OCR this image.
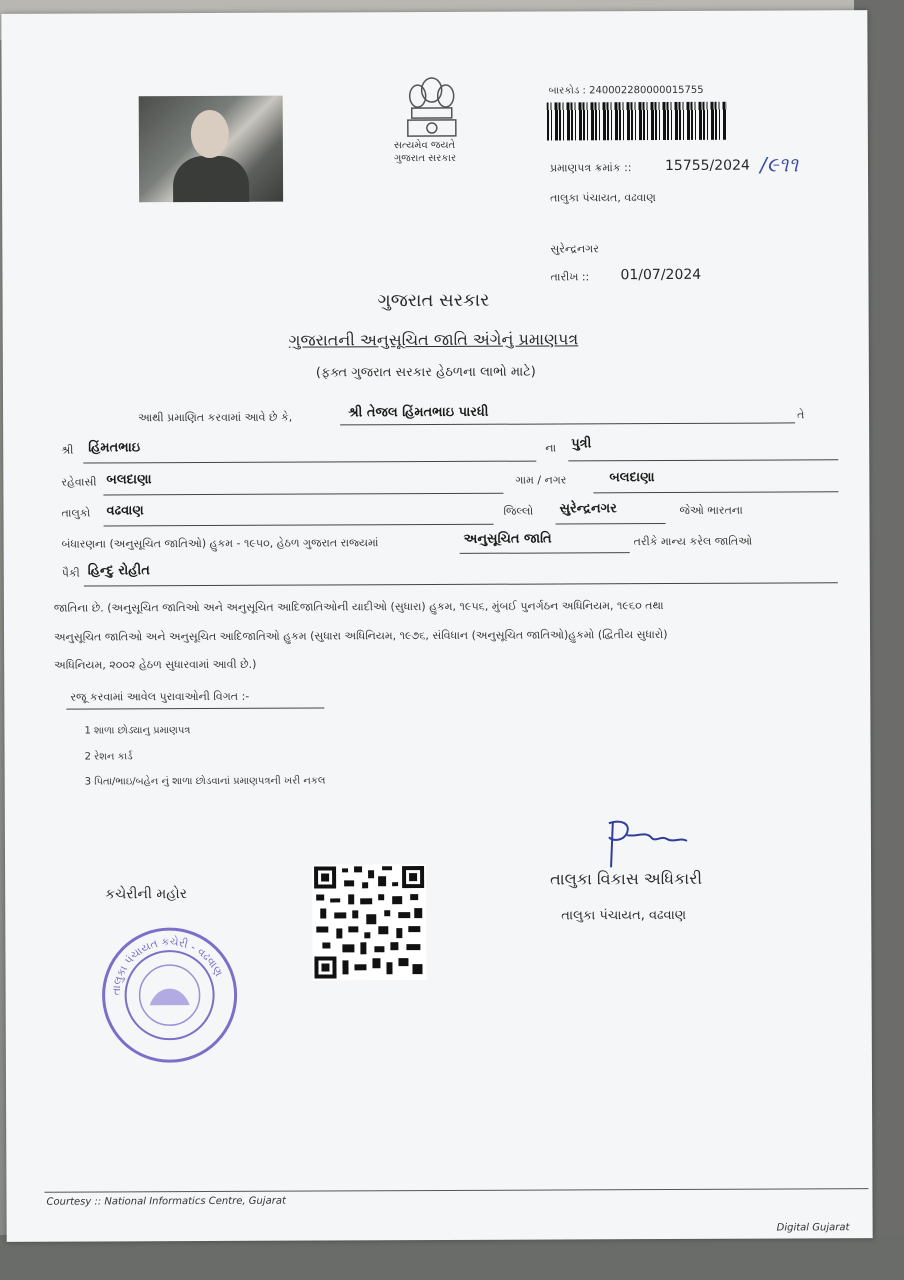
સત્યમેવ જયતે
ગુજરાત સરકાર
બારકોડ : 240002280000015755
પ્રમાણપત્ર ક્રમાંક :: 15755/2024 /૯૧૧
તાલુકા પંચાયત, વઢવાણ
સુરેન્દ્રનગર
તારીખ :: 01/07/2024
ગુજરાત સરકાર
ગુજરાતની અનુસૂચિત જાતિ અંગેનું પ્રમાણપત્ર
(ફક્ત ગુજરાત સરકાર હેઠળના લાભો માટે)
આથી પ્રમાણિત કરવામાં આવે છે કે,	શ્રી તેજલ હિંમતભાઇ પારધી	તે
શ્રી હિંમતભાઇ	ના પુત્રી
રહેવાસી બલદાણા	ગામ / નગર	બલદાણા
તાલુકો વઢવાણ	જિલ્લો સુરેન્દ્રનગર	જેઓ ભારતના
બંધારણના (અનુસૂચિત જાતિઓ) હુકમ - ૧૯૫૦, હેઠળ ગુજરાત રાજ્યમાં	અનુસૂચિત જાતિ	તરીકે માન્ય કરેલ જાતિઓ
પૈકી હિન્દુ રોહીત
જાતિના છે. (અનુસૂચિત જાતિઓ અને અનુસૂચિત આદિજાતિઓની યાદીઓ (સુધારા) હુકમ, ૧૯૫૬, મુંબઈ પુનર્ગઠન અધિનિયમ, ૧૯૬૦ તથા
અનુસૂચિત જાતિઓ અને અનુસૂચિત આદિજાતિઓ હુકમ (સુધારા અધિનિયમ, ૧૯૭૬, સંવિધાન (અનુસૂચિત જાતિઓ)હુકમો (દ્વિતીય સુધારો)
અધિનિયમ, ૨૦૦૨ હેઠળ સુધારવામાં આવી છે.)
રજૂ કરવામાં આવેલ પુરાવાઓની વિગત :-
1 શાળા છોડ્યાનુ પ્રમાણપત્ર
2 રેશન કાર્ડ
3 પિતા/ભાઇ/બહેન નું શાળા છોડવાનાં પ્રમાણપત્રની ખરી નકલ
તાલુકા વિકાસ અધિકારી
તાલુકા પંચાયત, વઢવાણ
કચેરીની મહોર
તાલુકા પંચાયત કચેરી - વઢવાણ
Courtesy :: National Informatics Centre, Gujarat
Digital Gujarat
